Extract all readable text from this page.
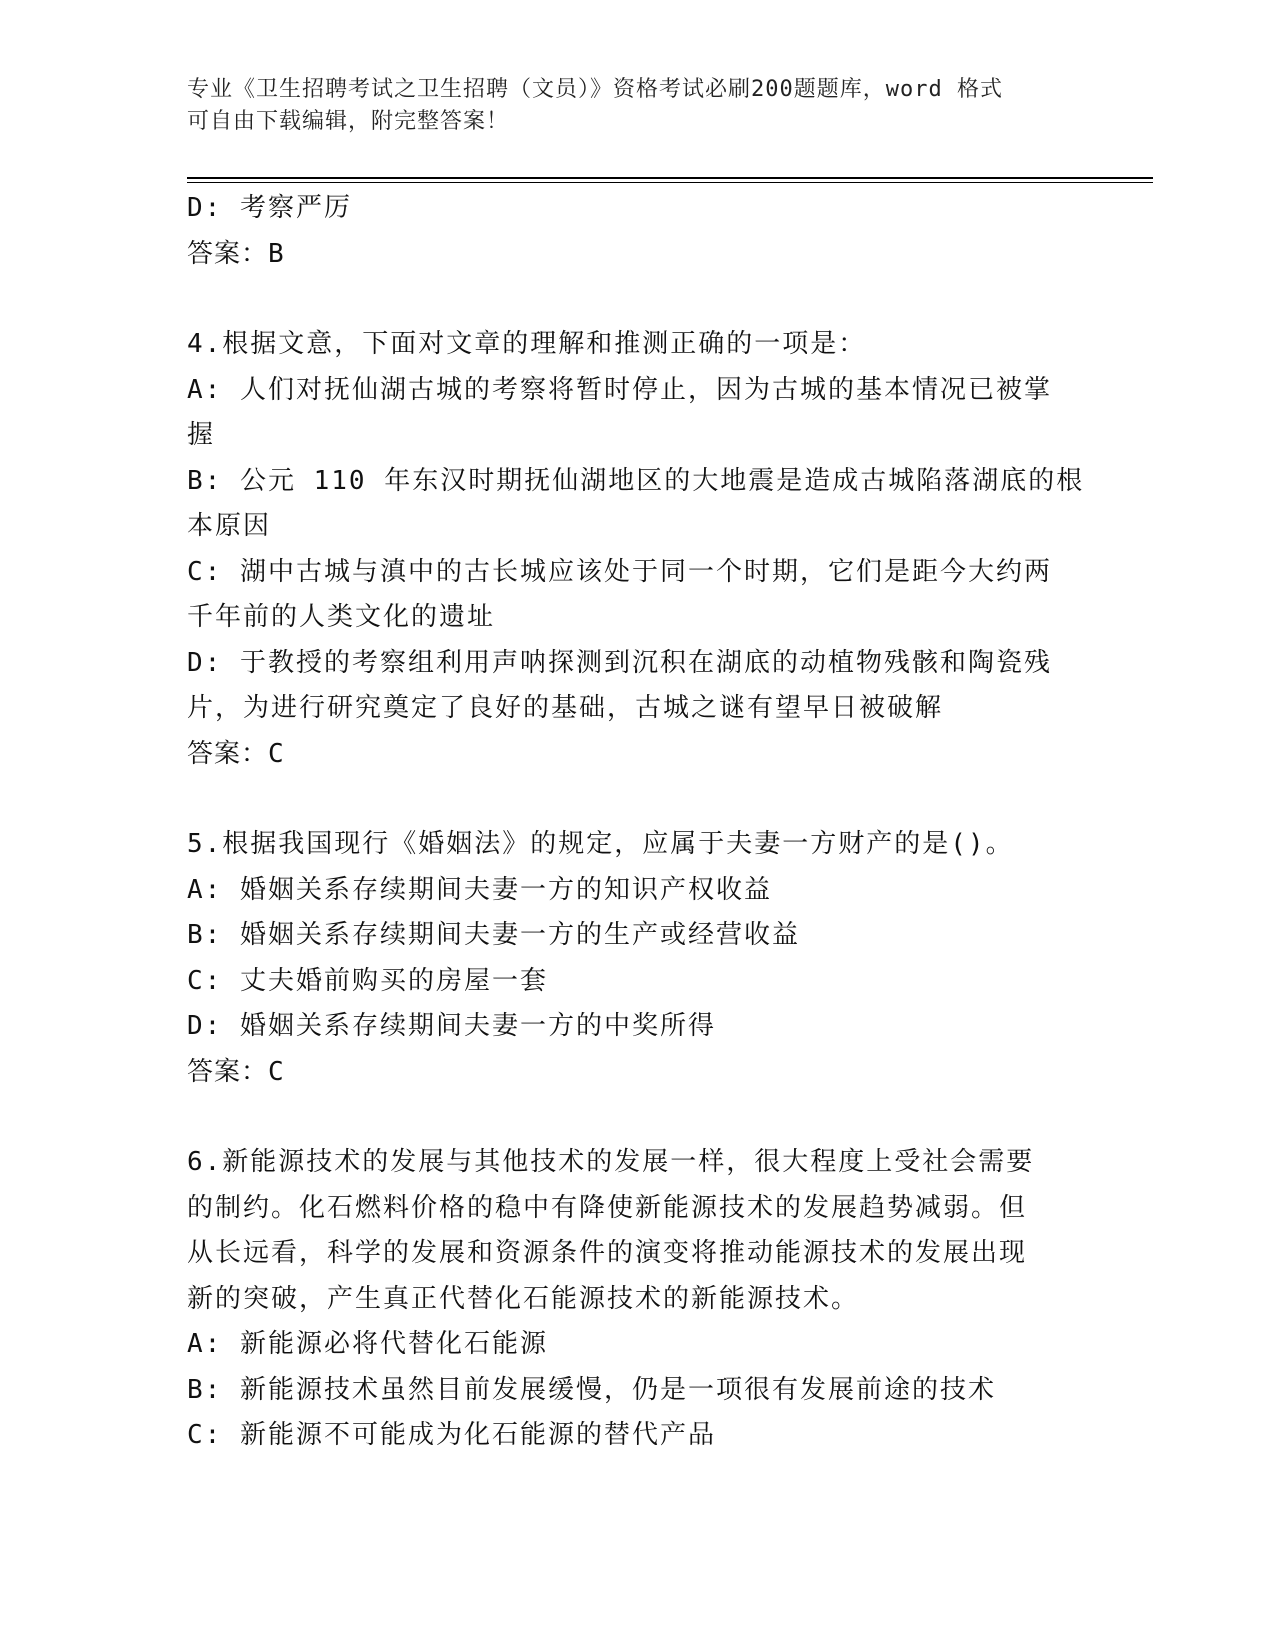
专业《卫生招聘考试之卫生招聘（文员）》资格考试必刷200题题库，word 格式
可自由下载编辑，附完整答案！

D: 考察严厉

答案：B

4.根据文意，下面对文章的理解和推测正确的一项是：

A: 人们对抚仙湖古城的考察将暂时停止，因为古城的基本情况已被掌

握

B: 公元 110 年东汉时期抚仙湖地区的大地震是造成古城陷落湖底的根

本原因

C: 湖中古城与滇中的古长城应该处于同一个时期，它们是距今大约两

千年前的人类文化的遗址

D: 于教授的考察组利用声呐探测到沉积在湖底的动植物残骸和陶瓷残

片，为进行研究奠定了良好的基础，古城之谜有望早日被破解

答案：C

5.根据我国现行《婚姻法》的规定，应属于夫妻一方财产的是()。

A: 婚姻关系存续期间夫妻一方的知识产权收益

B: 婚姻关系存续期间夫妻一方的生产或经营收益

C: 丈夫婚前购买的房屋一套

D: 婚姻关系存续期间夫妻一方的中奖所得

答案：C

6.新能源技术的发展与其他技术的发展一样，很大程度上受社会需要

的制约。化石燃料价格的稳中有降使新能源技术的发展趋势减弱。但

从长远看，科学的发展和资源条件的演变将推动能源技术的发展出现

新的突破，产生真正代替化石能源技术的新能源技术。

A: 新能源必将代替化石能源

B: 新能源技术虽然目前发展缓慢，仍是一项很有发展前途的技术

C: 新能源不可能成为化石能源的替代产品
